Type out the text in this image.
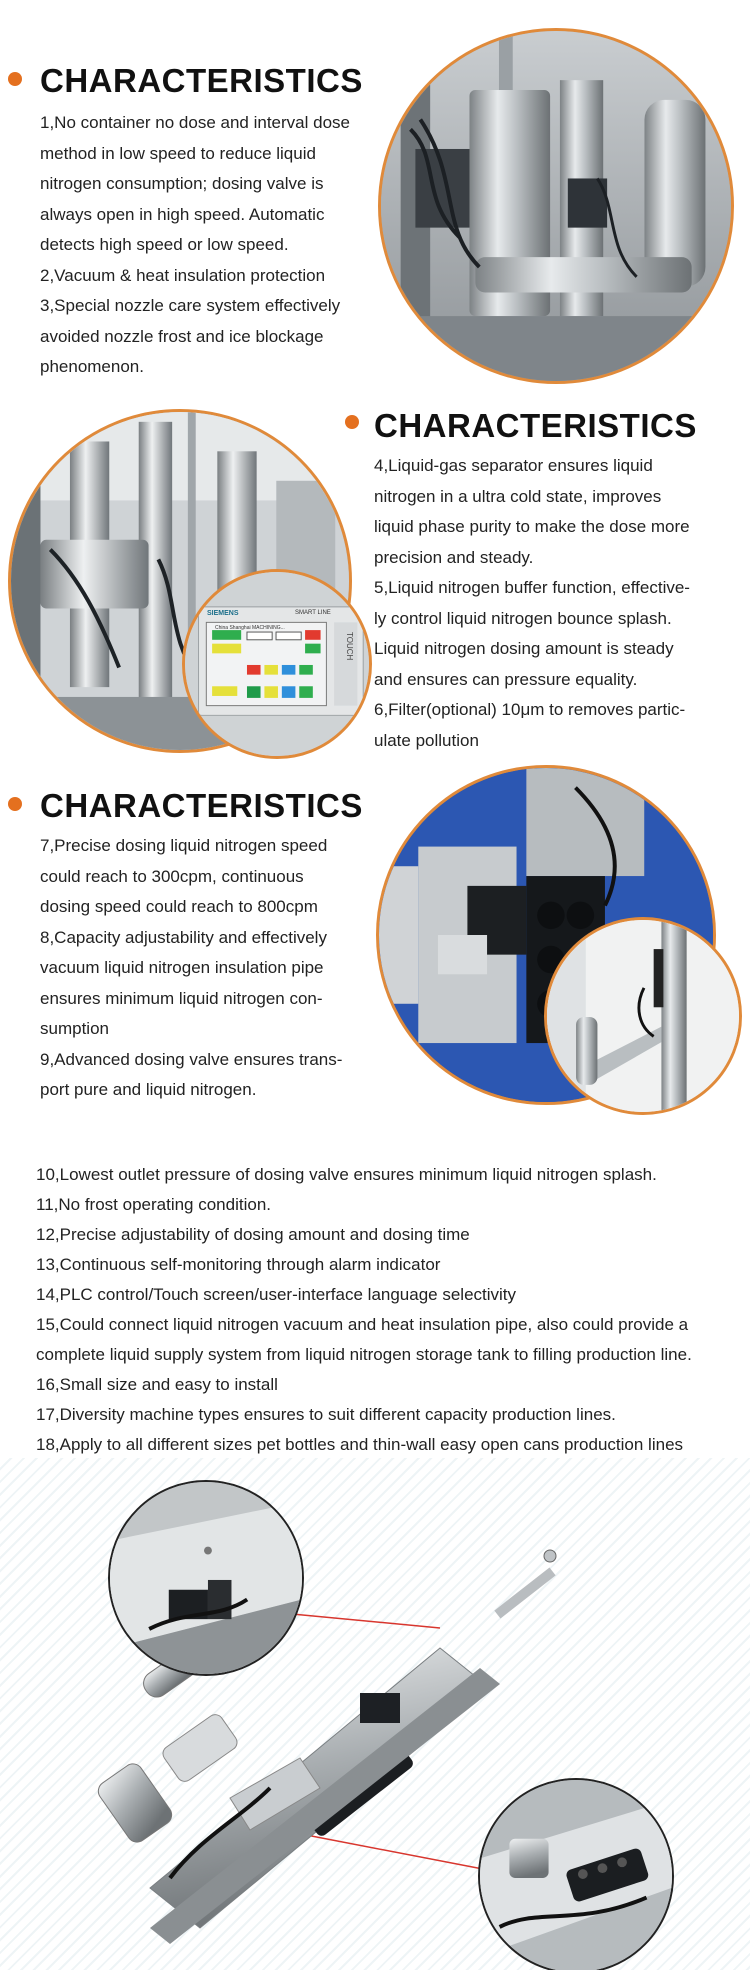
CHARACTERISTICS

1,No container no dose and interval dose

method in low speed to reduce liquid

nitrogen consumption; dosing valve is

always open in high speed. Automatic

detects high speed or low speed.

2,Vacuum & heat insulation protection

3,Special nozzle care system effectively

avoided nozzle frost and ice blockage

phenomenon.

CHARACTERISTICS

4,Liquid-gas separator ensures liquid

nitrogen in a ultra cold state, improves

liquid phase purity to make the dose more

precision and steady.

5,Liquid nitrogen buffer function, effective-

ly control liquid nitrogen bounce splash.

Liquid nitrogen dosing amount is steady

and ensures can pressure equality.

6,Filter(optional) 10μm to removes partic-

ulate pollution

SIEMENS	SMART LINE
China Shanghai MACHINING...
TOUCH
CHARACTERISTICS

7,Precise dosing liquid nitrogen speed

could reach to 300cpm, continuous

dosing speed could reach to 800cpm

8,Capacity adjustability and effectively

vacuum liquid nitrogen insulation pipe

ensures minimum liquid nitrogen con-

sumption

9,Advanced dosing valve ensures trans-

port pure and liquid nitrogen.

10,Lowest outlet pressure of dosing valve ensures minimum liquid nitrogen splash.

11,No frost operating condition.

12,Precise adjustability of dosing amount and dosing time

13,Continuous self-monitoring through alarm indicator

14,PLC control/Touch screen/user-interface language selectivity

15,Could connect liquid nitrogen vacuum and heat insulation pipe, also could provide a

complete liquid supply system from liquid nitrogen storage tank to filling production line.

16,Small size and easy to install

17,Diversity machine types ensures to suit different capacity production lines.

18,Apply to all different sizes pet bottles and thin-wall easy open cans production lines
